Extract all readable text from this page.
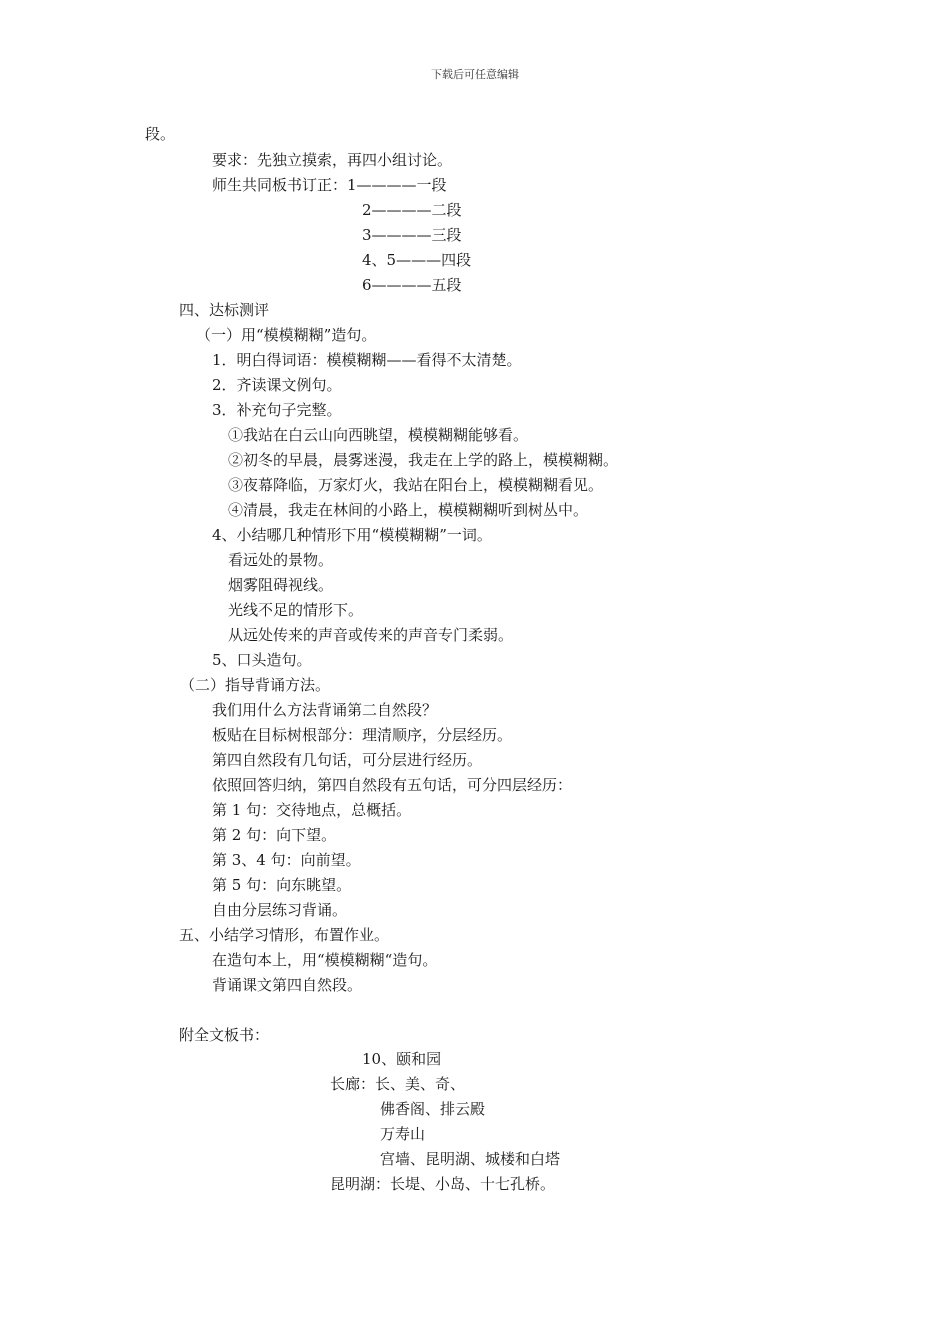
下载后可任意编辑
段。
要求：先独立摸索，再四小组讨论。
师生共同板书订正：1————一段
2————二段
3————三段
4、5———四段
6————五段
四、达标测评
（一）用“模模糊糊”造句。
1．明白得词语：模模糊糊——看得不太清楚。
2．齐读课文例句。
3．补充句子完整。
①我站在白云山向西眺望，模模糊糊能够看。
②初冬的早晨，晨雾迷漫，我走在上学的路上，模模糊糊。
③夜幕降临，万家灯火，我站在阳台上，模模糊糊看见。
④清晨，我走在林间的小路上，模模糊糊听到树丛中。
4、小结哪几种情形下用“模模糊糊”一词。
看远处的景物。
烟雾阻碍视线。
光线不足的情形下。
从远处传来的声音或传来的声音专门柔弱。
5、口头造句。
（二）指导背诵方法。
我们用什么方法背诵第二自然段？
板贴在目标树根部分：理清顺序，分层经历。
第四自然段有几句话，可分层进行经历。
依照回答归纳，第四自然段有五句话，可分四层经历：
第 1 句：交待地点，总概括。
第 2 句：向下望。
第 3、4 句：向前望。
第 5 句：向东眺望。
自由分层练习背诵。
五、小结学习情形，布置作业。
在造句本上，用“模模糊糊“造句。
背诵课文第四自然段。
附全文板书：
10、颐和园
长廊：长、美、奇、
佛香阁、排云殿
万寿山
宫墙、昆明湖、城楼和白塔
昆明湖：长堤、小岛、十七孔桥。
